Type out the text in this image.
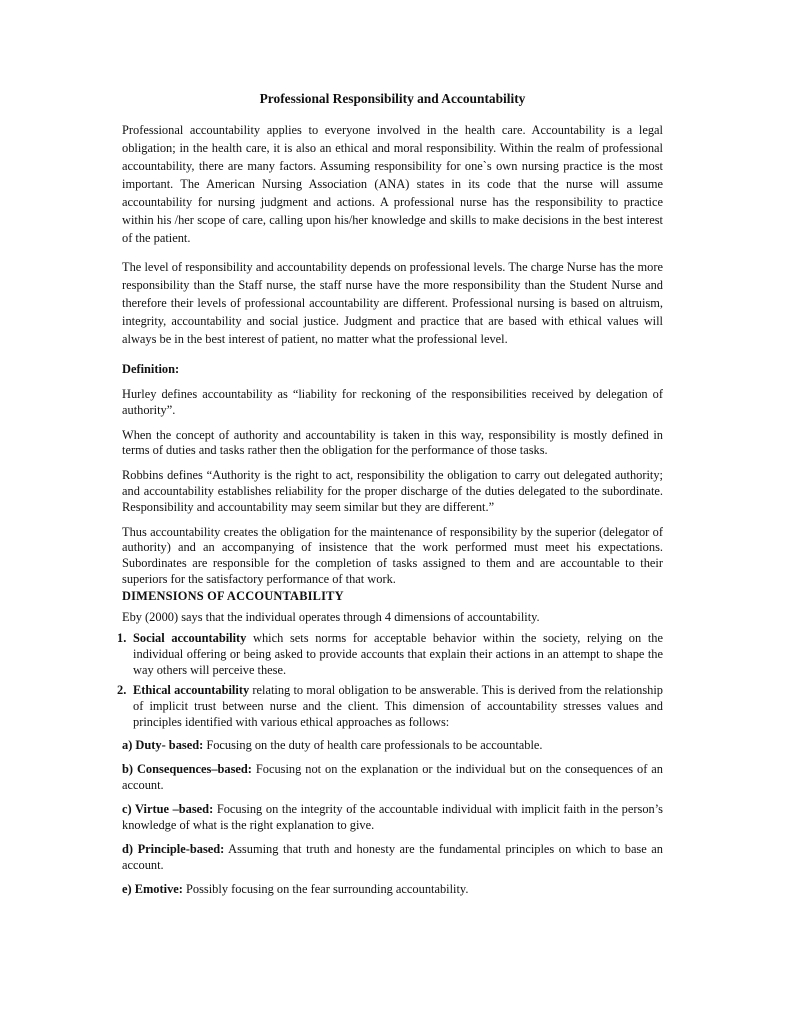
Professional Responsibility and Accountability

Professional accountability applies to everyone involved in the health care. Accountability is a legal obligation; in the health care, it is also an ethical and moral responsibility. Within the realm of professional accountability, there are many factors. Assuming responsibility for one`s own nursing practice is the most important. The American Nursing Association (ANA) states in its code that the nurse will assume accountability for nursing judgment and actions. A professional nurse has the responsibility to practice within his /her scope of care, calling upon his/her knowledge and skills to make decisions in the best interest of the patient.

The level of responsibility and accountability depends on professional levels. The charge Nurse has the more responsibility than the Staff nurse, the staff nurse have the more responsibility than the Student Nurse and therefore their levels of professional accountability are different. Professional nursing is based on altruism, integrity, accountability and social justice. Judgment and practice that are based with ethical values will always be in the best interest of patient, no matter what the professional level.

Definition:

Hurley defines accountability as “liability for reckoning of the responsibilities received by delegation of authority”.

When the concept of authority and accountability is taken in this way, responsibility is mostly defined in terms of duties and tasks rather then the obligation for the performance of those tasks.

Robbins defines “Authority is the right to act, responsibility the obligation to carry out delegated authority; and accountability establishes reliability for the proper discharge of the duties delegated to the subordinate. Responsibility and accountability may seem similar but they are different.”

Thus accountability creates the obligation for the maintenance of responsibility by the superior (delegator of authority) and an accompanying of insistence that the work performed must meet his expectations. Subordinates are responsible for the completion of tasks assigned to them and are accountable to their superiors for the satisfactory performance of that work.

DIMENSIONS OF ACCOUNTABILITY

Eby (2000) says that the individual operates through 4 dimensions of accountability.

1. Social accountability which sets norms for acceptable behavior within the society, relying on the individual offering or being asked to provide accounts that explain their actions in an attempt to shape the way others will perceive these.
2. Ethical accountability relating to moral obligation to be answerable. This is derived from the relationship of implicit trust between nurse and the client. This dimension of accountability stresses values and principles identified with various ethical approaches as follows:
a) Duty- based: Focusing on the duty of health care professionals to be accountable.
b) Consequences–based: Focusing not on the explanation or the individual but on the consequences of an account.
c) Virtue –based: Focusing on the integrity of the accountable individual with implicit faith in the person’s knowledge of what is the right explanation to give.
d) Principle-based: Assuming that truth and honesty are the fundamental principles on which to base an account.
e) Emotive: Possibly focusing on the fear surrounding accountability.
